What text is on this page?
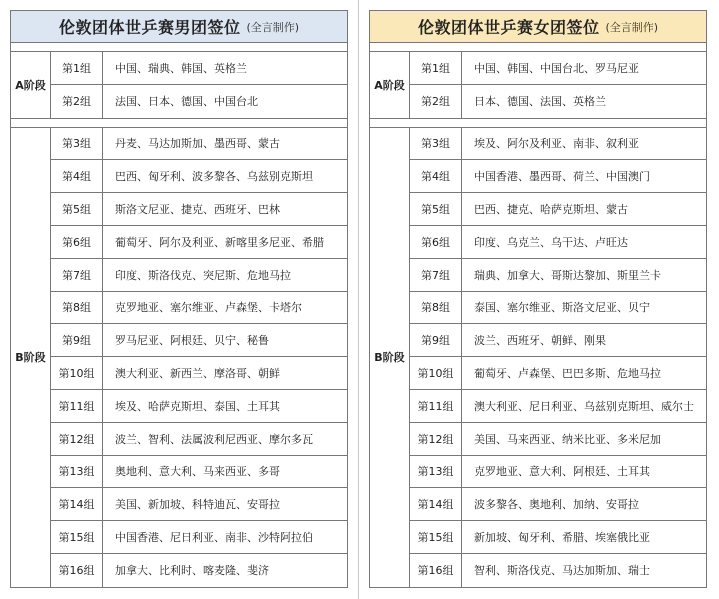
伦敦团体世乒赛男团签位 (全言制作)
A阶段
第1组	中国、瑞典、韩国、英格兰
第2组	法国、日本、德国、中国台北
B阶段
第3组	丹麦、马达加斯加、墨西哥、蒙古
第4组	巴西、匈牙利、波多黎各、乌兹别克斯坦
第5组	斯洛文尼亚、捷克、西班牙、巴林
第6组	葡萄牙、阿尔及利亚、新喀里多尼亚、希腊
第7组	印度、斯洛伐克、突尼斯、危地马拉
第8组	克罗地亚、塞尔维亚、卢森堡、卡塔尔
第9组	罗马尼亚、阿根廷、贝宁、秘鲁
第10组	澳大利亚、新西兰、摩洛哥、朝鲜
第11组	埃及、哈萨克斯坦、泰国、土耳其
第12组	波兰、智利、法属波利尼西亚、摩尔多瓦
第13组	奥地利、意大利、马来西亚、多哥
第14组	美国、新加坡、科特迪瓦、安哥拉
第15组	中国香港、尼日利亚、南非、沙特阿拉伯
第16组	加拿大、比利时、喀麦隆、斐济
伦敦团体世乒赛女团签位 (全言制作)
A阶段
第1组	中国、韩国、中国台北、罗马尼亚
第2组	日本、德国、法国、英格兰
B阶段
第3组	埃及、阿尔及利亚、南非、叙利亚
第4组	中国香港、墨西哥、荷兰、中国澳门
第5组	巴西、捷克、哈萨克斯坦、蒙古
第6组	印度、乌克兰、乌干达、卢旺达
第7组	瑞典、加拿大、哥斯达黎加、斯里兰卡
第8组	泰国、塞尔维亚、斯洛文尼亚、贝宁
第9组	波兰、西班牙、朝鲜、刚果
第10组	葡萄牙、卢森堡、巴巴多斯、危地马拉
第11组	澳大利亚、尼日利亚、乌兹别克斯坦、威尔士
第12组	美国、马来西亚、纳米比亚、多米尼加
第13组	克罗地亚、意大利、阿根廷、土耳其
第14组	波多黎各、奥地利、加纳、安哥拉
第15组	新加坡、匈牙利、希腊、埃塞俄比亚
第16组	智利、斯洛伐克、马达加斯加、瑞士
